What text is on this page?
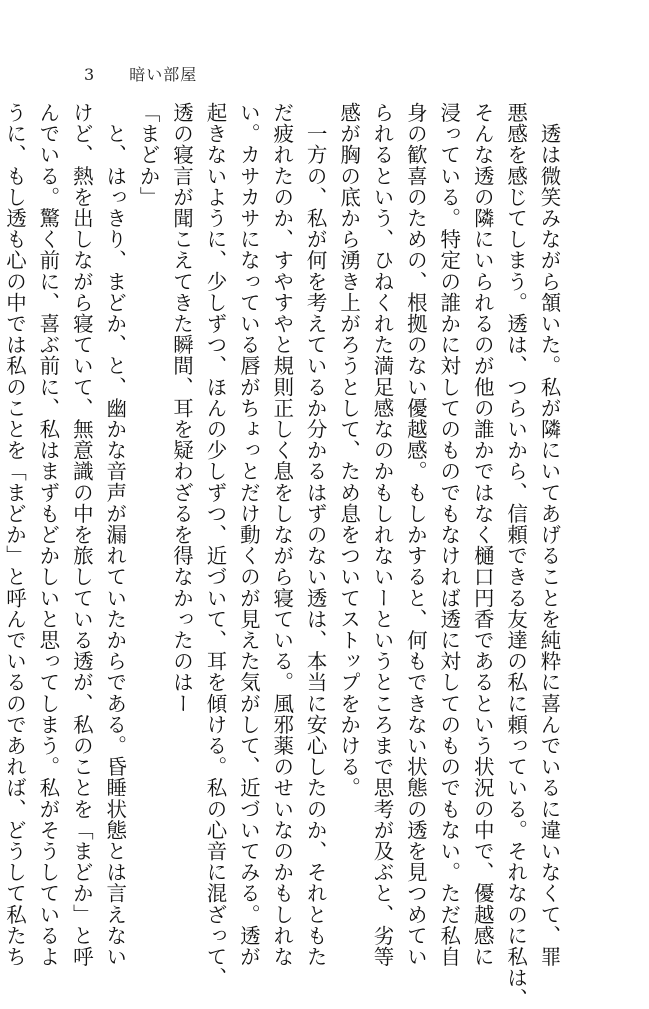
3 暗い部屋

　透は微笑みながら頷いた。私が隣にいてあげることを純粋に喜んでいるに違いなくて、罪

悪感を感じてしまう。透は、つらいから、信頼できる友達の私に頼っている。それなのに私は、

そんな透の隣にいられるのが他の誰かではなく樋口円香であるという状況の中で、優越感に

浸っている。特定の誰かに対してのものでもなければ透に対してのものでもない。ただ私自

身の歓喜のための、根拠のない優越感。もしかすると、何もできない状態の透を見つめてい

られるという、ひねくれた満足感なのかもしれないーというところまで思考が及ぶと、劣等

感が胸の底から湧き上がろうとして、ため息をついてストップをかける。

　一方の、私が何を考えているか分かるはずのない透は、本当に安心したのか、それともた

だ疲れたのか、すやすやと規則正しく息をしながら寝ている。風邪薬のせいなのかもしれな

い。カサカサになっている唇がちょっとだけ動くのが見えた気がして、近づいてみる。透が

起きないように、少しずつ、ほんの少しずつ、近づいて、耳を傾ける。私の心音に混ざって、

透の寝言が聞こえてきた瞬間、耳を疑わざるを得なかったのはー

「まどか」

　と、はっきり、まどか、と、幽かな音声が漏れていたからである。昏睡状態とは言えない

けど、熱を出しながら寝ていて、無意識の中を旅している透が、私のことを「まどか」と呼

んでいる。驚く前に、喜ぶ前に、私はまずもどかしいと思ってしまう。私がそうしているよ

うに、もし透も心の中では私のことを「まどか」と呼んでいるのであれば、どうして私たち
